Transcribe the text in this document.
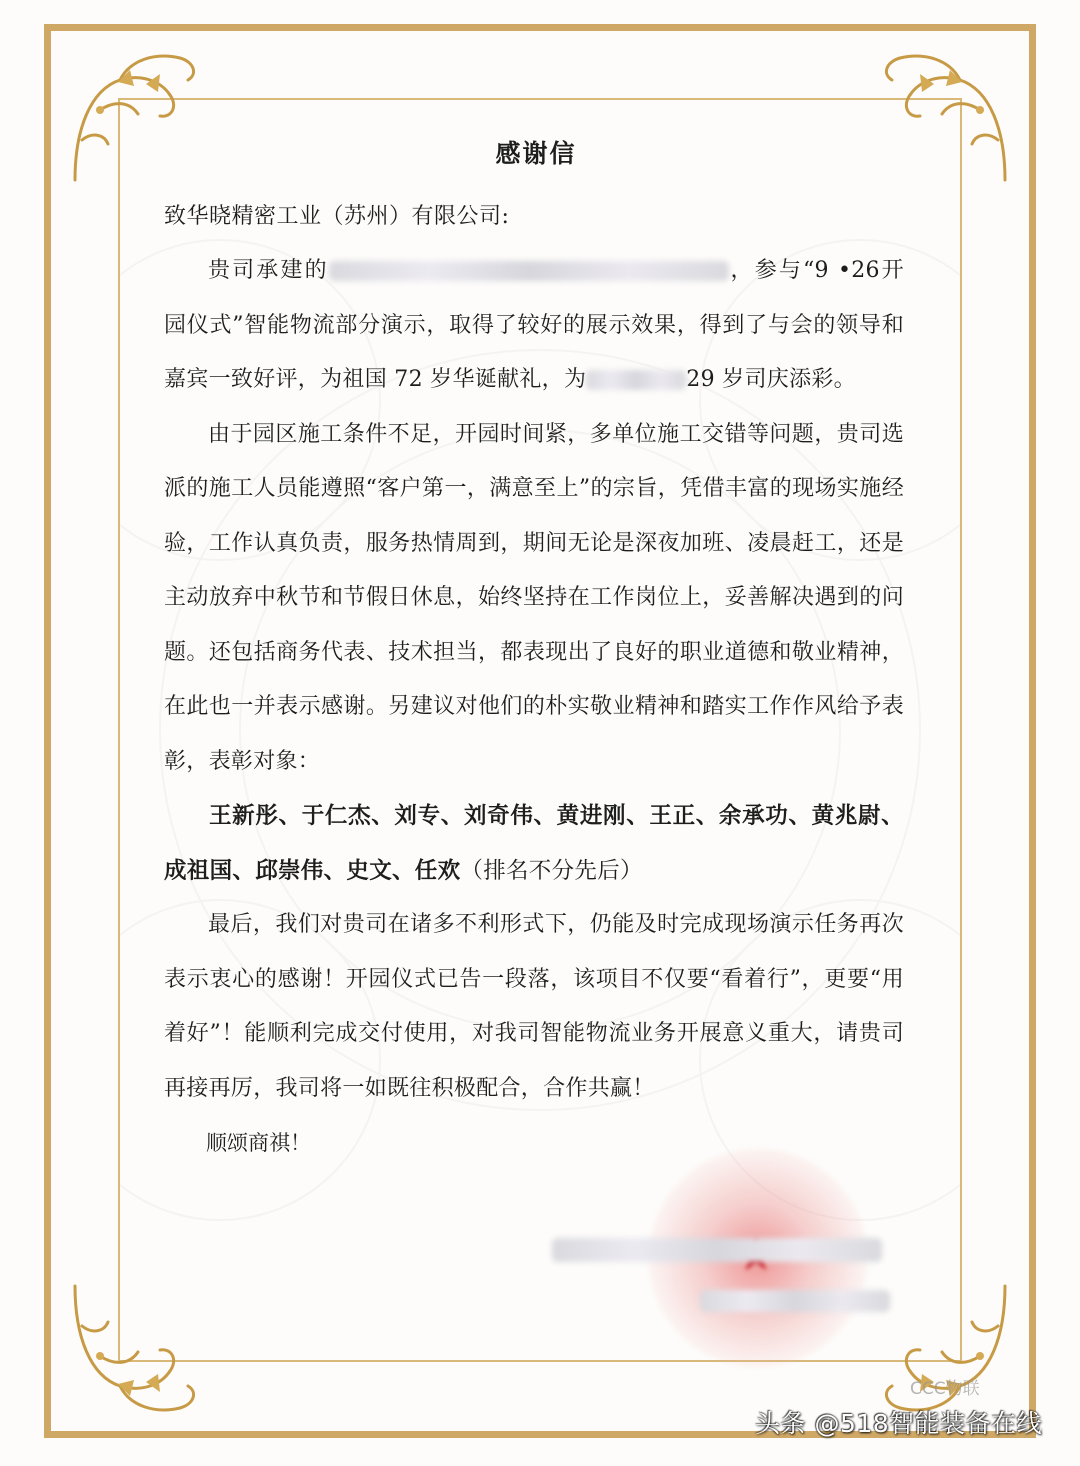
感谢信

致华晓精密工业（苏州）有限公司:

贵司承建的	，参与“9 •26开园仪式”智能物流部分演示，取得了较好的展示效果，得到了与会的领导和嘉宾一致好评，为祖国 72 岁华诞献礼，为	29 岁司庆添彩。

由于园区施工条件不足，开园时间紧，多单位施工交错等问题，贵司选派的施工人员能遵照“客户第一，满意至上”的宗旨，凭借丰富的现场实施经验，工作认真负责，服务热情周到，期间无论是深夜加班、凌晨赶工，还是主动放弃中秋节和节假日休息，始终坚持在工作岗位上，妥善解决遇到的问题。还包括商务代表、技术担当，都表现出了良好的职业道德和敬业精神，在此也一并表示感谢。另建议对他们的朴实敬业精神和踏实工作作风给予表彰，表彰对象：

王新彤、于仁杰、刘专、刘奇伟、黄进刚、王正、余承功、黄兆尉、成祖国、邱崇伟、史文、任欢（排名不分先后）

最后，我们对贵司在诸多不利形式下，仍能及时完成现场演示任务再次表示衷心的感谢！开园仪式已告一段落，该项目不仅要“看着行”，更要“用着好”！能顺利完成交付使用，对我司智能物流业务开展意义重大，请贵司再接再厉，我司将一如既往积极配合，合作共赢！

顺颂商祺！

CCC物联
头条 @518智能装备在线
